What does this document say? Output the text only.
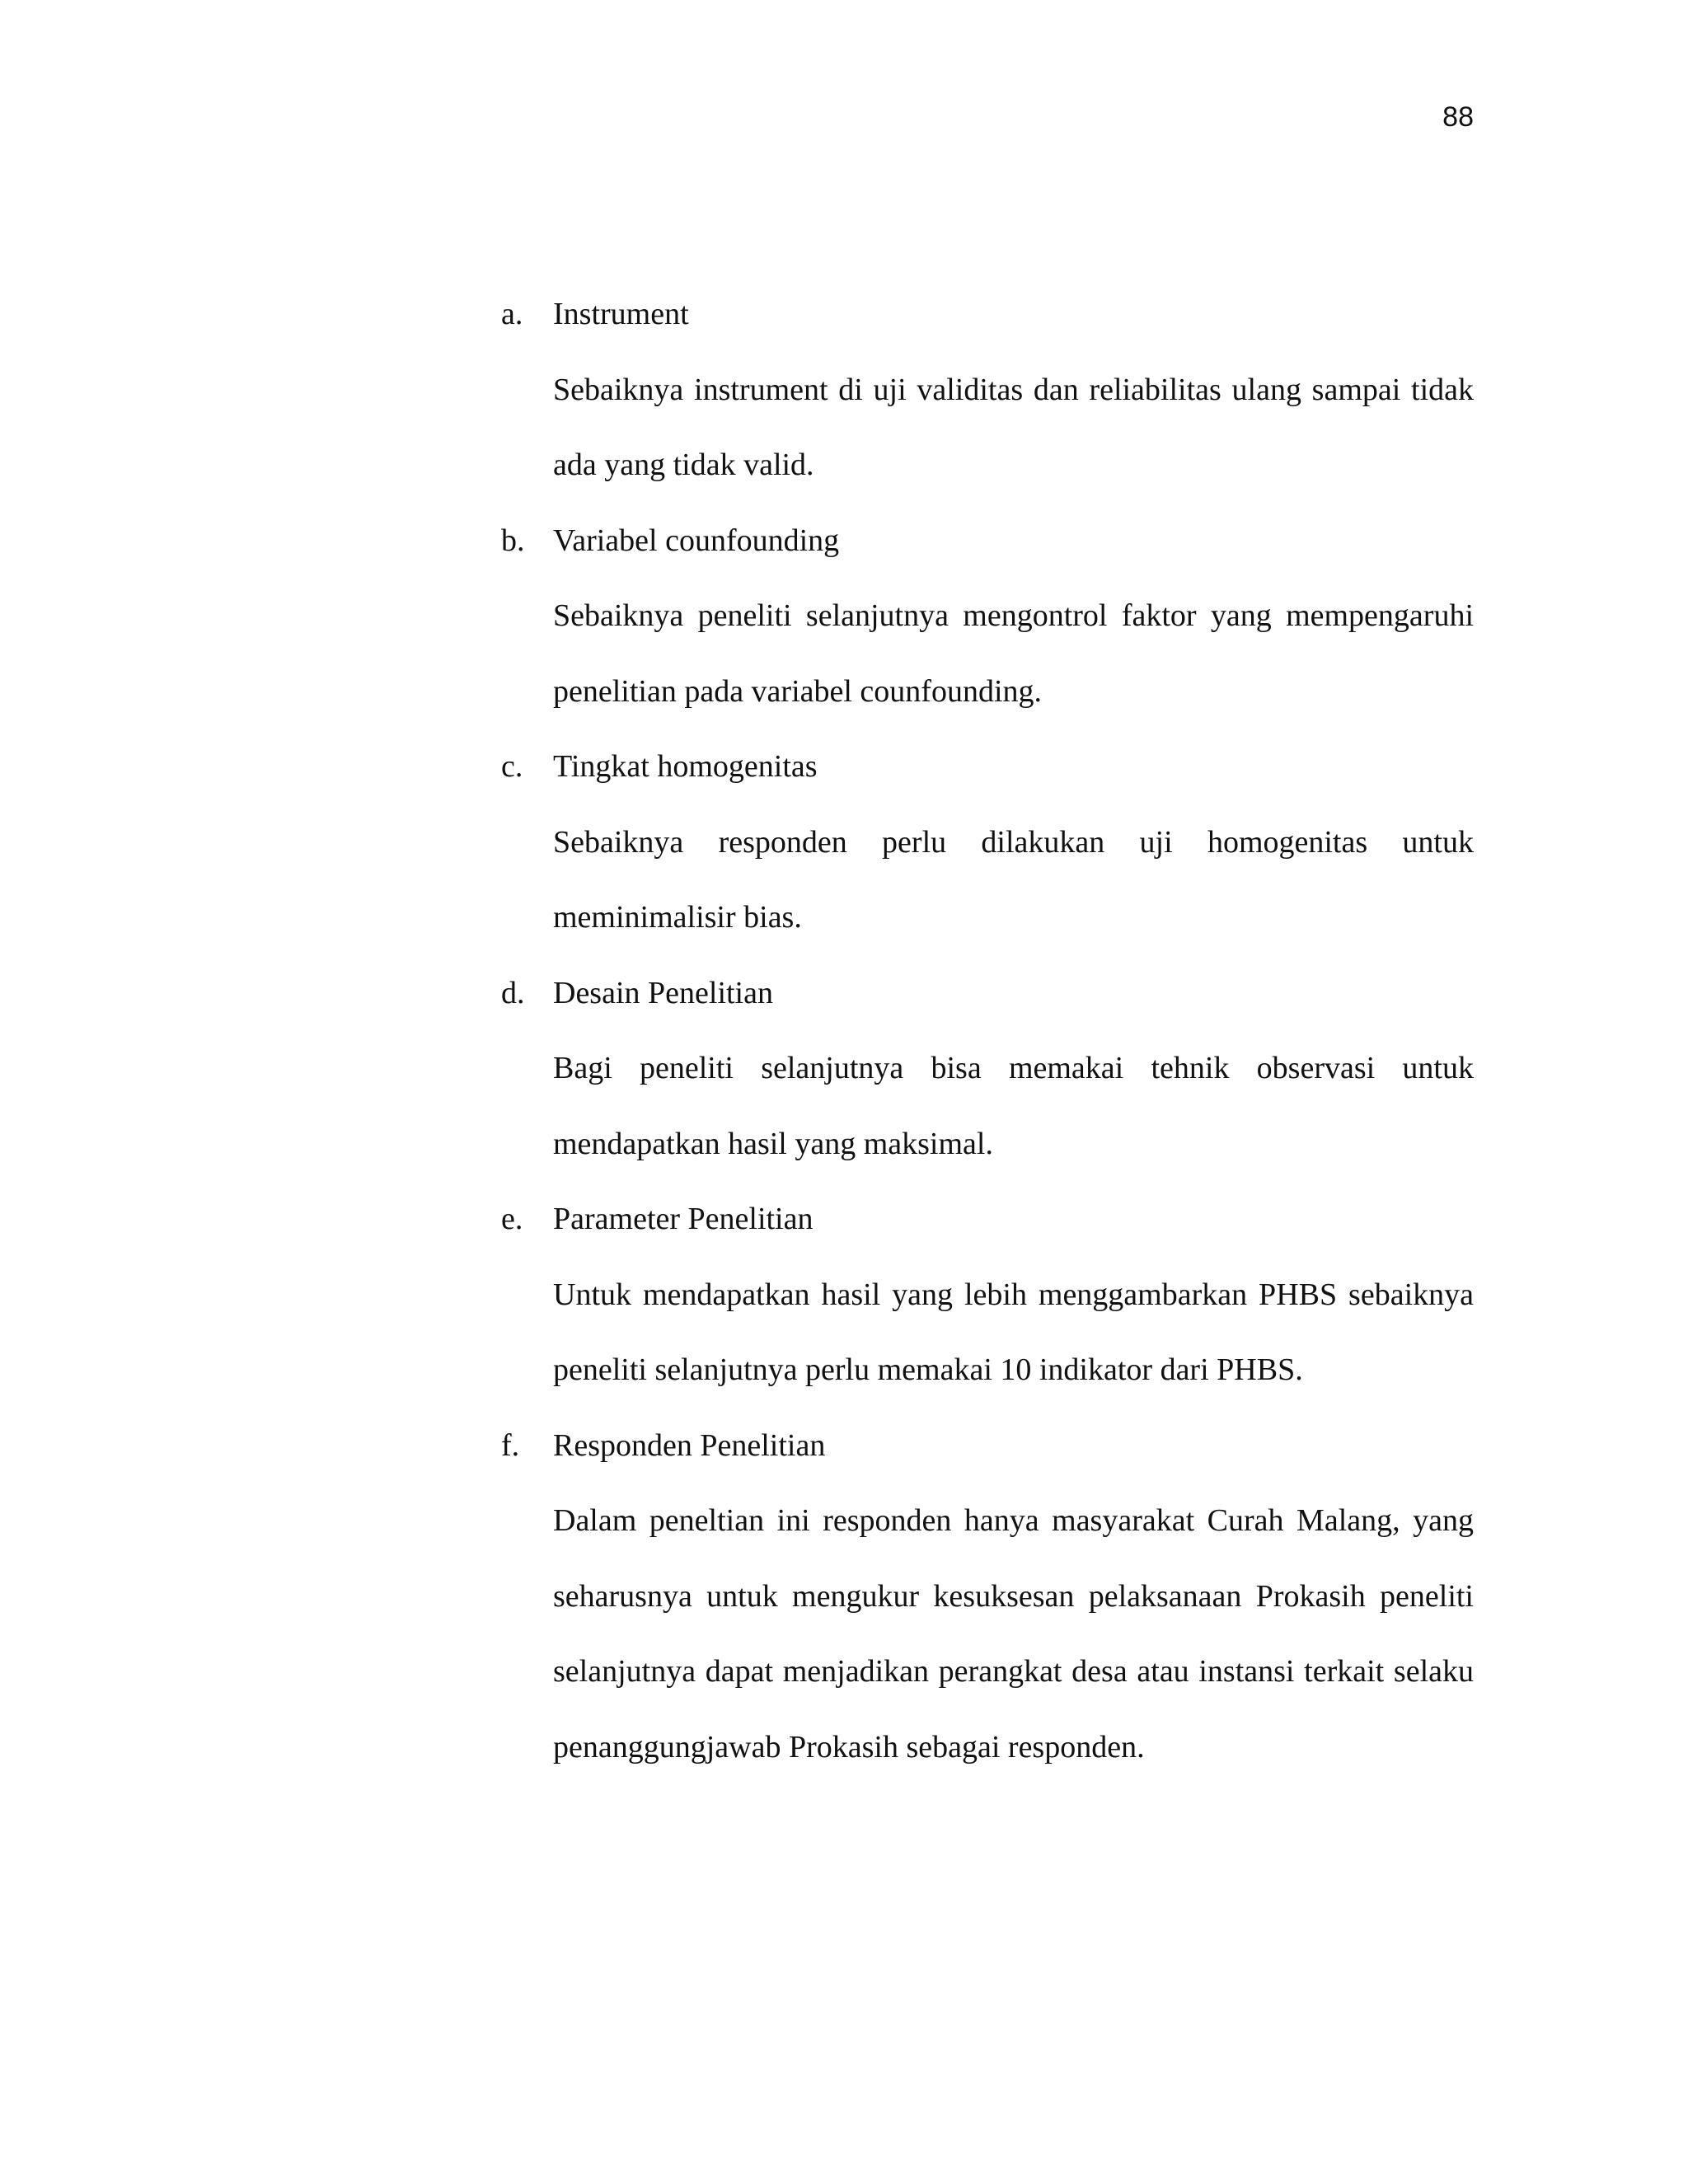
88
a. Instrument
Sebaiknya instrument di uji validitas dan reliabilitas ulang sampai tidak ada yang tidak valid.
b. Variabel counfounding
Sebaiknya peneliti selanjutnya mengontrol faktor yang mempengaruhi penelitian pada variabel counfounding.
c. Tingkat homogenitas
Sebaiknya responden perlu dilakukan uji homogenitas untuk meminimalisir bias.
d. Desain Penelitian
Bagi peneliti selanjutnya bisa memakai tehnik observasi untuk mendapatkan hasil yang maksimal.
e. Parameter Penelitian
Untuk mendapatkan hasil yang lebih menggambarkan PHBS sebaiknya peneliti selanjutnya perlu memakai 10 indikator dari PHBS.
f. Responden Penelitian
Dalam peneltian ini responden hanya masyarakat Curah Malang, yang seharusnya untuk mengukur kesuksesan pelaksanaan Prokasih peneliti selanjutnya dapat menjadikan perangkat desa atau instansi terkait selaku penanggungjawab Prokasih sebagai responden.
